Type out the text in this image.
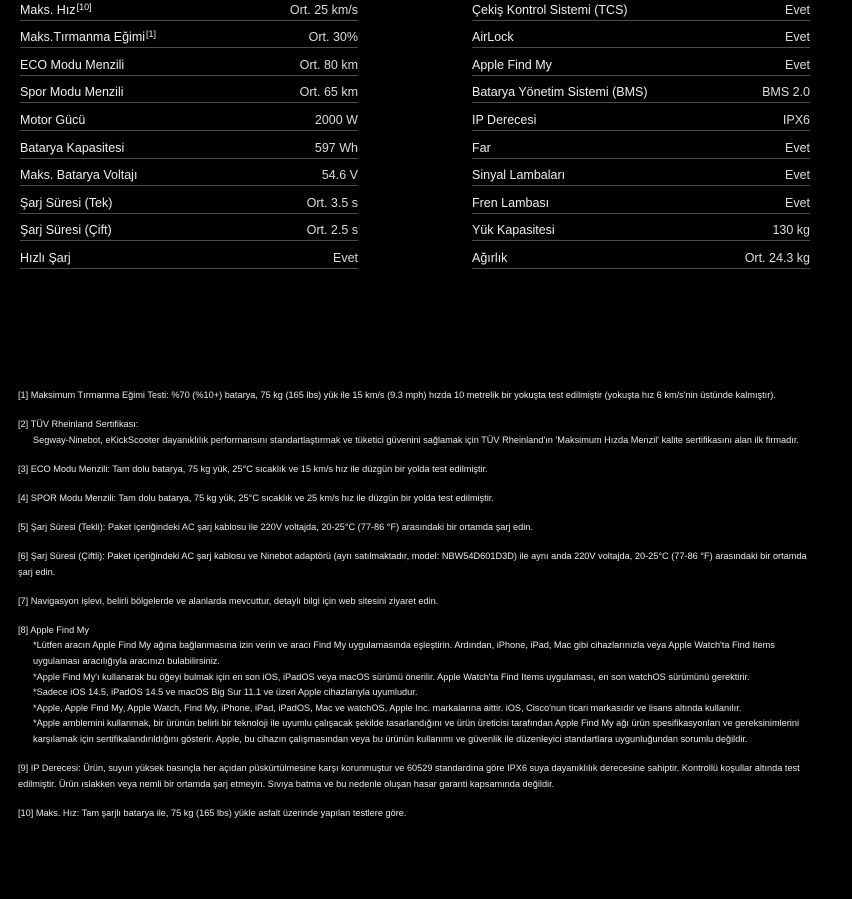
Maks. Hız[10]	Ort. 25 km/s
Maks.Tırmanma Eğimi[1]	Ort. 30%
ECO Modu Menzili	Ort. 80 km
Spor Modu Menzili	Ort. 65 km
Motor Gücü	2000 W
Batarya Kapasitesi	597 Wh
Maks. Batarya Voltajı	54.6 V
Şarj Süresi (Tek)	Ort. 3.5 s
Şarj Süresi (Çift)	Ort. 2.5 s
Hızlı Şarj	Evet
Çekiş Kontrol Sistemi (TCS)	Evet
AirLock	Evet
Apple Find My	Evet
Batarya Yönetim Sistemi (BMS)	BMS 2.0
IP Derecesi	IPX6
Far	Evet
Sinyal Lambaları	Evet
Fren Lambası	Evet
Yük Kapasitesi	130 kg
Ağırlık	Ort. 24.3 kg

[1] Maksimum Tırmanma Eğimi Testi: %70 (%10+) batarya, 75 kg (165 lbs) yük ile 15 km/s (9.3 mph) hızda 10 metrelik bir yokuşta test edilmiştir (yokuşta hız 6 km/s'nin üstünde kalmıştır).

[2] TÜV Rheinland Sertifikası:

Segway-Ninebot, eKickScooter dayanıklılık performansını standartlaştırmak ve tüketici güvenini sağlamak için TÜV Rheinland'ın 'Maksimum Hızda Menzil' kalite sertifikasını alan ilk firmadır.

[3] ECO Modu Menzili: Tam dolu batarya, 75 kg yük, 25°C sıcaklık ve 15 km/s hız ile düzgün bir yolda test edilmiştir.

[4] SPOR Modu Menzili: Tam dolu batarya, 75 kg yük, 25°C sıcaklık ve 25 km/s hız ile düzgün bir yolda test edilmiştir.

[5] Şarj Süresi (Tekli): Paket içeriğindeki AC şarj kablosu ile 220V voltajda, 20-25°C (77-86 °F) arasındaki bir ortamda şarj edin.

[6] Şarj Süresi (Çiftli): Paket içeriğindeki AC şarj kablosu ve Ninebot adaptörü (ayrı satılmaktadır, model: NBW54D601D3D) ile aynı anda 220V voltajda, 20-25°C (77-86 °F) arasındaki bir ortamda şarj edin.

[7] Navigasyon işlevi, belirli bölgelerde ve alanlarda mevcuttur, detaylı bilgi için web sitesini ziyaret edin.

[8] Apple Find My

*Lütfen aracın Apple Find My ağına bağlanmasına izin verin ve aracı Find My uygulamasında eşleştirin. Ardından, iPhone, iPad, Mac gibi cihazlarınızla veya Apple Watch'ta Find Items uygulaması aracılığıyla aracınızı bulabilirsiniz.

*Apple Find My'ı kullanarak bu öğeyi bulmak için en son iOS, iPadOS veya macOS sürümü önerilir. Apple Watch'ta Find Items uygulaması, en son watchOS sürümünü gerektirir.

*Sadece iOS 14.5, iPadOS 14.5 ve macOS Big Sur 11.1 ve üzeri Apple cihazlarıyla uyumludur.

*Apple, Apple Find My, Apple Watch, Find My, iPhone, iPad, iPadOS, Mac ve watchOS, Apple Inc. markalarına aittir. iOS, Cisco'nun ticari markasıdır ve lisans altında kullanılır.

*Apple amblemini kullanmak, bir ürünün belirli bir teknoloji ile uyumlu çalışacak şekilde tasarlandığını ve ürün üreticisi tarafından Apple Find My ağı ürün spesifikasyonları ve gereksinimlerini karşılamak için sertifikalandırıldığını gösterir. Apple, bu cihazın çalışmasından veya bu ürünün kullanımı ve güvenlik ile düzenleyici standartlara uygunluğundan sorumlu değildir.

[9] IP Derecesi: Ürün, suyun yüksek basınçla her açıdan püskürtülmesine karşı korunmuştur ve 60529 standardına göre IPX6 suya dayanıklılık derecesine sahiptir. Kontrollü koşullar altında test edilmiştir. Ürün ıslakken veya nemli bir ortamda şarj etmeyin. Sıvıya batma ve bu nedenle oluşan hasar garanti kapsamında değildir.

[10] Maks. Hız: Tam şarjlı batarya ile, 75 kg (165 lbs) yükle asfalt üzerinde yapılan testlere göre.
